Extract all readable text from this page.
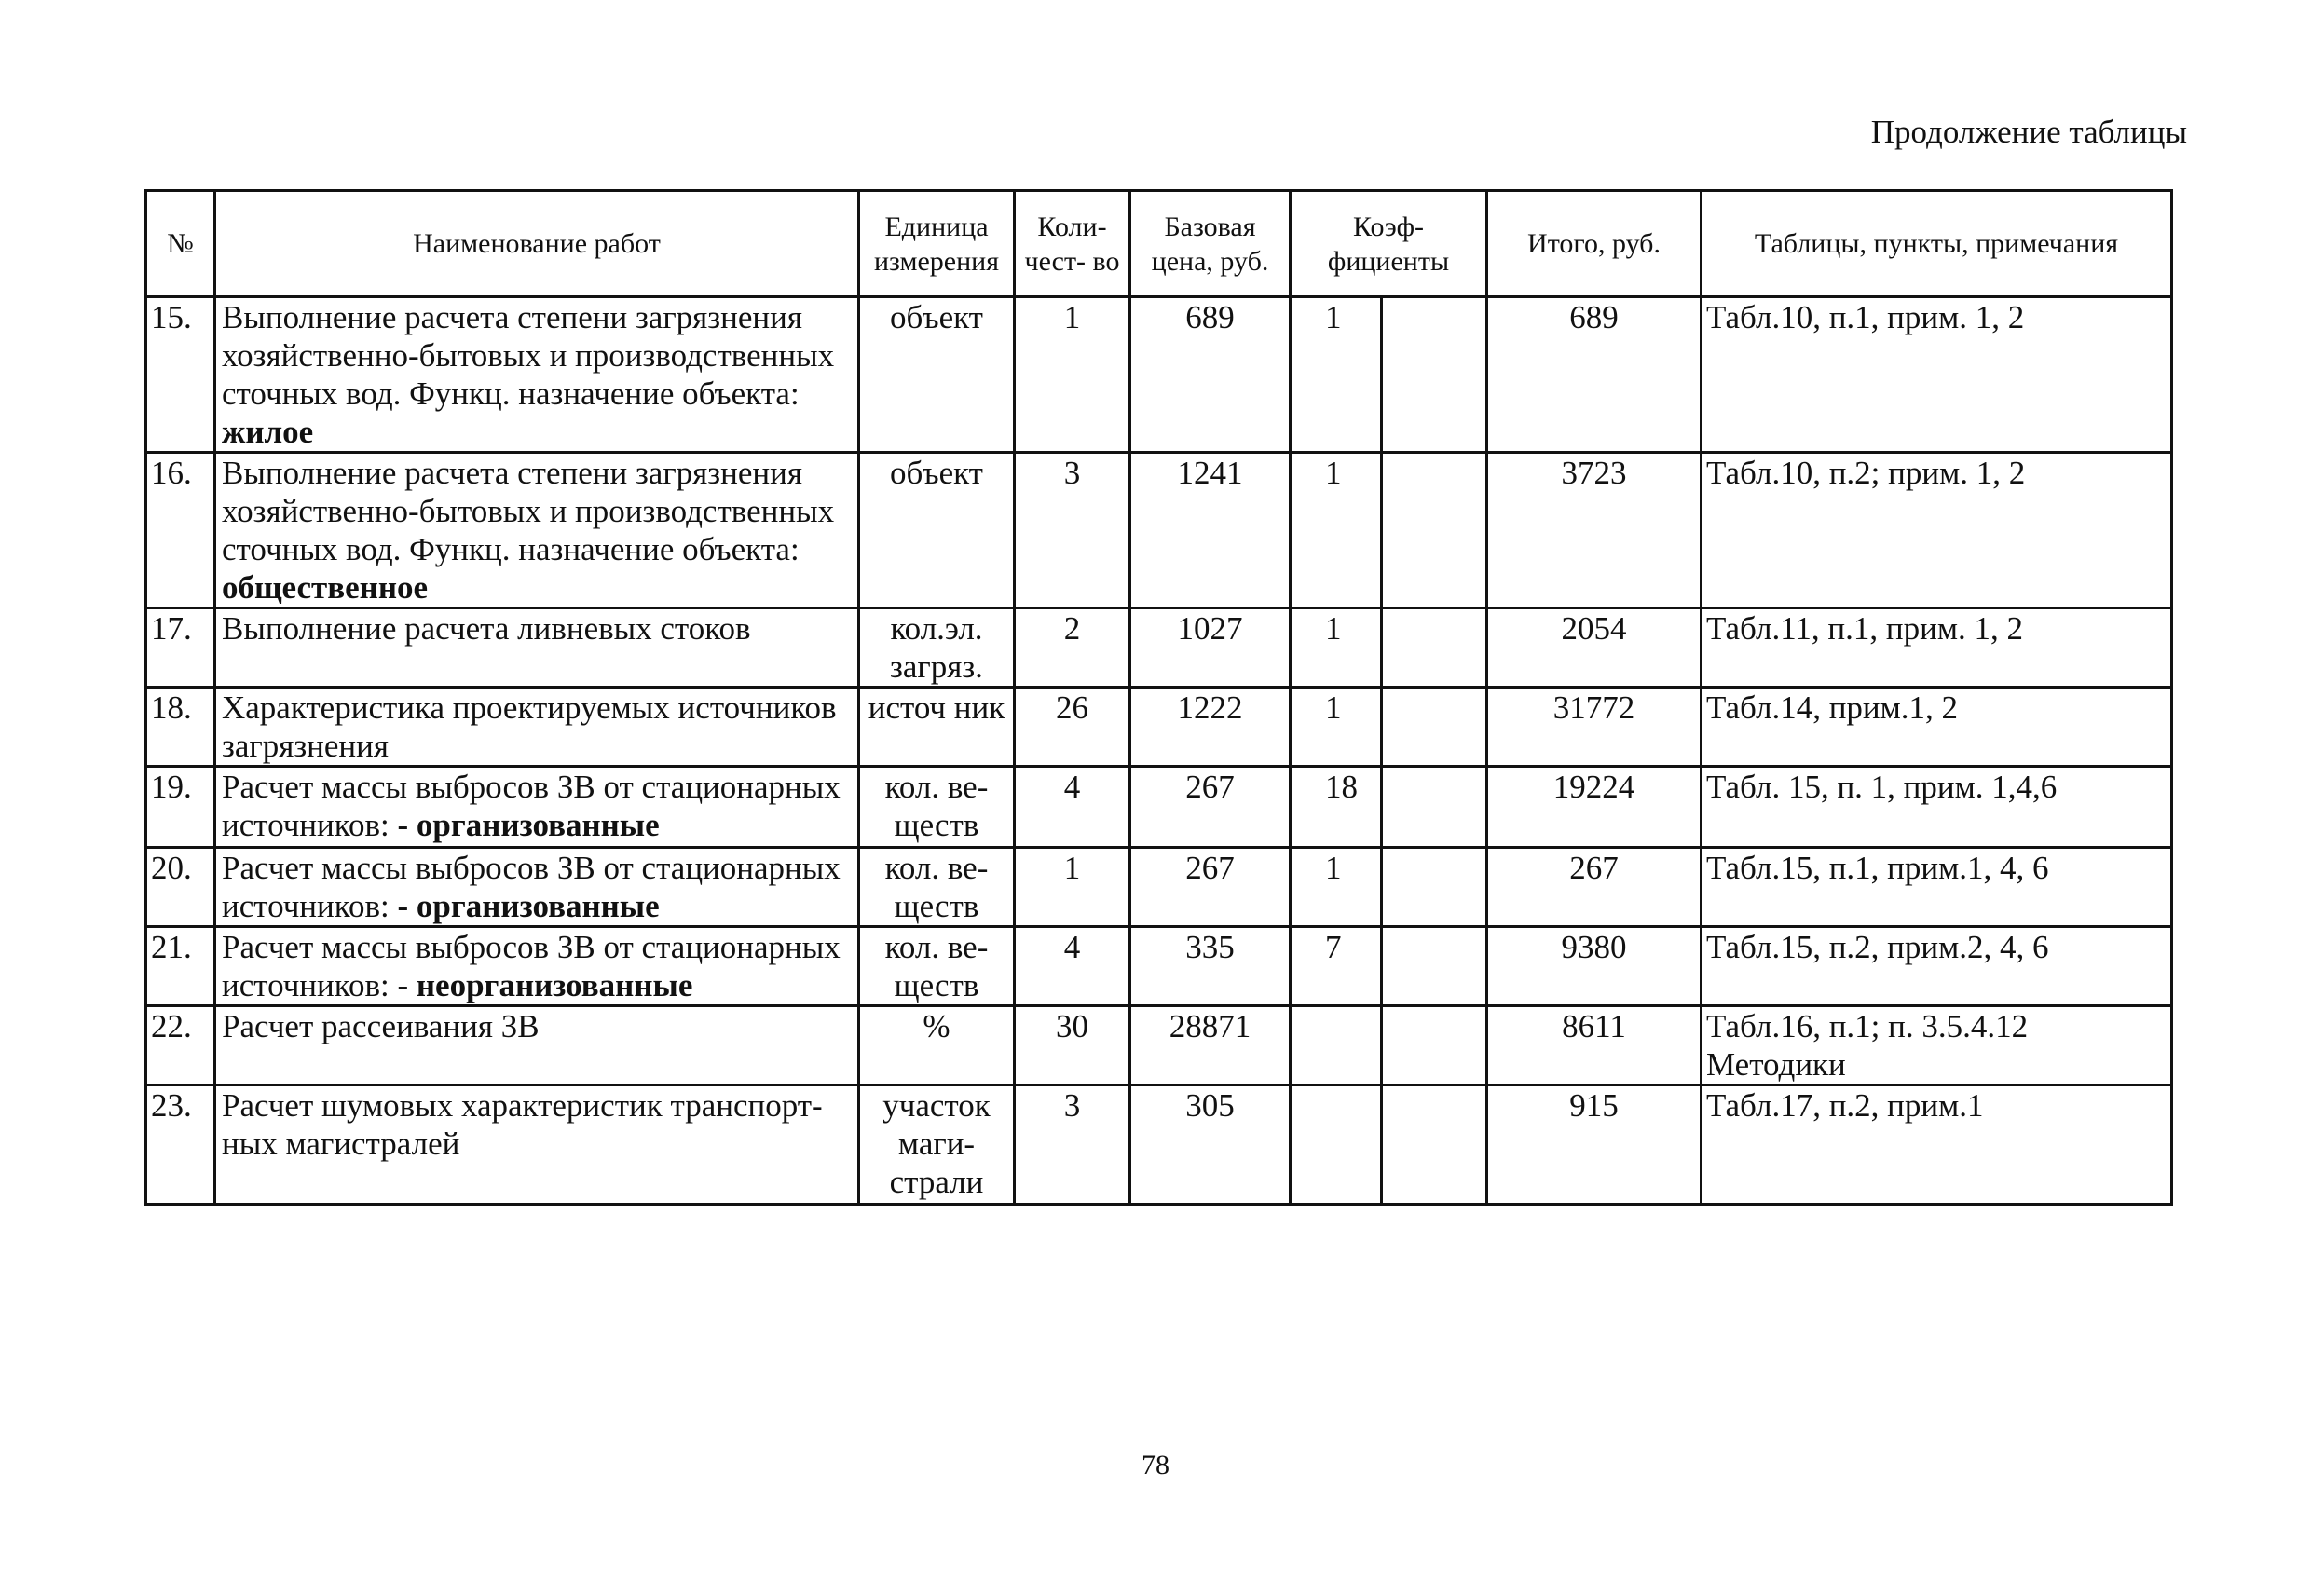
Продолжение таблицы
№	Наименование работ	Единица измерения	Коли- чест- во	Базовая цена, руб.	Коэф- фициенты		Итого, руб.	Таблицы, пункты, примечания
15.	Выполнение расчета степени загрязнения хозяйственно-бытовых и производственных сточных вод. Функц. назначение объекта: жилое	объект	1	689	1		689	Табл.10, п.1, прим. 1, 2
16.	Выполнение расчета степени загрязнения хозяйственно-бытовых и производственных сточных вод. Функц. назначение объекта: общественное	объект	3	1241	1		3723	Табл.10, п.2; прим. 1, 2
17.	Выполнение расчета ливневых стоков	кол.эл. загряз.	2	1027	1		2054	Табл.11, п.1, прим. 1, 2
18.	Характеристика проектируемых источников загрязнения	источ ник	26	1222	1		31772	Табл.14, прим.1, 2
19.	Расчет массы выбросов ЗВ от стационарных источников: - организованные	кол. ве- ществ	4	267	18		19224	Табл. 15, п. 1, прим. 1,4,6
20.	Расчет массы выбросов ЗВ от стационарных источников: - организованные	кол. ве- ществ	1	267	1		267	Табл.15, п.1, прим.1, 4, 6
21.	Расчет массы выбросов ЗВ от стационарных источников: - неорганизованные	кол. ве- ществ	4	335	7		9380	Табл.15, п.2, прим.2, 4, 6
22.	Расчет рассеивания ЗВ	%	30	28871			8611	Табл.16, п.1; п. 3.5.4.12 Методики
23.	Расчет шумовых характеристик транспорт- ных магистралей	участок маги- страли	3	305			915	Табл.17, п.2, прим.1
78
